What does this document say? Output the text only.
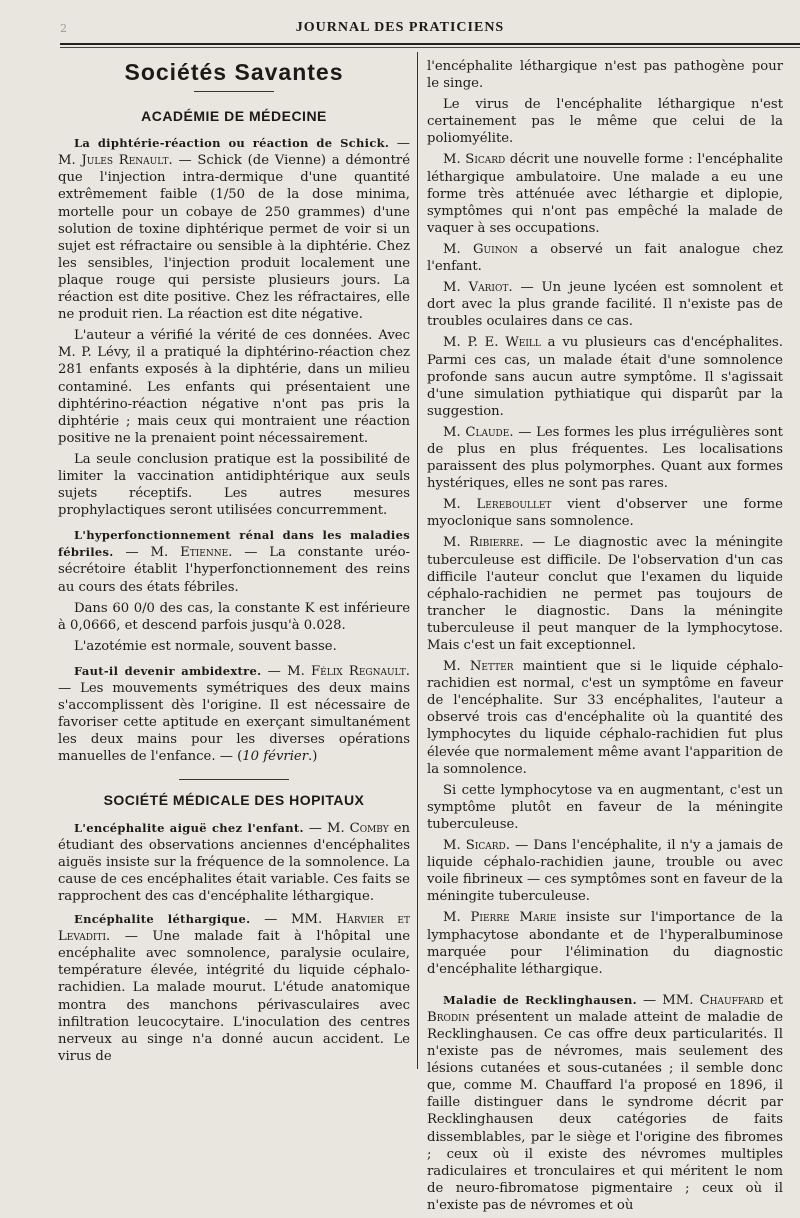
2	JOURNAL DES PRATICIENS
Sociétés Savantes
ACADÉMIE DE MÉDECINE

La diphtérie-réaction ou réaction de Schick. — M. Jules Renault. — Schick (de Vienne) a démontré que l'injection intra-dermique d'une quantité extrêmement faible (1/50 de la dose minima, mortelle pour un cobaye de 250 grammes) d'une solution de toxine diphtérique permet de voir si un sujet est réfractaire ou sensible à la diphtérie. Chez les sensibles, l'injection produit localement une plaque rouge qui persiste plusieurs jours. La réaction est dite positive. Chez les réfractaires, elle ne produit rien. La réaction est dite négative.

L'auteur a vérifié la vérité de ces données. Avec M. P. Lévy, il a pratiqué la diphtérino-réaction chez 281 enfants exposés à la diphtérie, dans un milieu contaminé. Les enfants qui présentaient une diphtérino-réaction négative n'ont pas pris la diphtérie ; mais ceux qui montraient une réaction positive ne la prenaient point nécessairement.

La seule conclusion pratique est la possibilité de limiter la vaccination antidiphtérique aux seuls sujets réceptifs. Les autres mesures prophylactiques seront utilisées concurremment.

L'hyperfonctionnement rénal dans les maladies fébriles. — M. Etienne. — La constante uréo-sécrétoire établit l'hyperfonctionnement des reins au cours des états fébriles.

Dans 60 0/0 des cas, la constante K est inférieure à 0,0666, et descend parfois jusqu'à 0.028.

L'azotémie est normale, souvent basse.

Faut-il devenir ambidextre. — M. Félix Regnault. — Les mouvements symétriques des deux mains s'accomplissent dès l'origine. Il est nécessaire de favoriser cette aptitude en exerçant simultanément les deux mains pour les diverses opérations manuelles de l'enfance. — (10 février.)

SOCIÉTÉ MÉDICALE DES HOPITAUX

L'encéphalite aiguë chez l'enfant. — M. Comby en étudiant des observations anciennes d'encéphalites aiguës insiste sur la fréquence de la somnolence. La cause de ces encéphalites était variable. Ces faits se rapprochent des cas d'encéphalite léthargique.

Encéphalite léthargique. — MM. Harvier et Levaditi. — Une malade fait à l'hôpital une encéphalite avec somnolence, paralysie oculaire, température élevée, intégrité du liquide céphalo-rachidien. La malade mourut. L'étude anatomique montra des manchons périvasculaires avec infiltration leucocytaire. L'inoculation des centres nerveux au singe n'a donné aucun accident. Le virus de

l'encéphalite léthargique n'est pas pathogène pour le singe.

Le virus de l'encéphalite léthargique n'est certainement pas le même que celui de la poliomyélite.

M. Sicard décrit une nouvelle forme : l'encéphalite léthargique ambulatoire. Une malade a eu une forme très atténuée avec léthargie et diplopie, symptômes qui n'ont pas empêché la malade de vaquer à ses occupations.

M. Guinon a observé un fait analogue chez l'enfant.

M. Variot. — Un jeune lycéen est somnolent et dort avec la plus grande facilité. Il n'existe pas de troubles oculaires dans ce cas.

M. P. E. Weill a vu plusieurs cas d'encéphalites. Parmi ces cas, un malade était d'une somnolence profonde sans aucun autre symptôme. Il s'agissait d'une simulation pythiatique qui disparût par la suggestion.

M. Claude. — Les formes les plus irrégulières sont de plus en plus fréquentes. Les localisations paraissent des plus polymorphes. Quant aux formes hystériques, elles ne sont pas rares.

M. Lereboullet vient d'observer une forme myoclonique sans somnolence.

M. Ribierre. — Le diagnostic avec la méningite tuberculeuse est difficile. De l'observation d'un cas difficile l'auteur conclut que l'examen du liquide céphalo-rachidien ne permet pas toujours de trancher le diagnostic. Dans la méningite tuberculeuse il peut manquer de la lymphocytose. Mais c'est un fait exceptionnel.

M. Netter maintient que si le liquide céphalo-rachidien est normal, c'est un symptôme en faveur de l'encéphalite. Sur 33 encéphalites, l'auteur a observé trois cas d'encéphalite où la quantité des lymphocytes du liquide céphalo-rachidien fut plus élevée que normalement même avant l'apparition de la somnolence.

Si cette lymphocytose va en augmentant, c'est un symptôme plutôt en faveur de la méningite tuberculeuse.

M. Sicard. — Dans l'encéphalite, il n'y a jamais de liquide céphalo-rachidien jaune, trouble ou avec voile fibrineux — ces symptômes sont en faveur de la méningite tuberculeuse.

M. Pierre Marie insiste sur l'importance de la lymphacytose abondante et de l'hyperalbuminose marquée pour l'élimination du diagnostic d'encéphalite léthargique.

Maladie de Recklinghausen. — MM. Chauffard et Brodin présentent un malade atteint de maladie de Recklinghausen. Ce cas offre deux particularités. Il n'existe pas de névromes, mais seulement des lésions cutanées et sous-cutanées ; il semble donc que, comme M. Chauffard l'a proposé en 1896, il faille distinguer dans le syndrome décrit par Recklinghausen deux catégories de faits dissemblables, par le siège et l'origine des fibromes ; ceux où il existe des névromes multiples radiculaires et tronculaires et qui méritent le nom de neuro-fibromatose pigmentaire ; ceux où il n'existe pas de névromes et où
